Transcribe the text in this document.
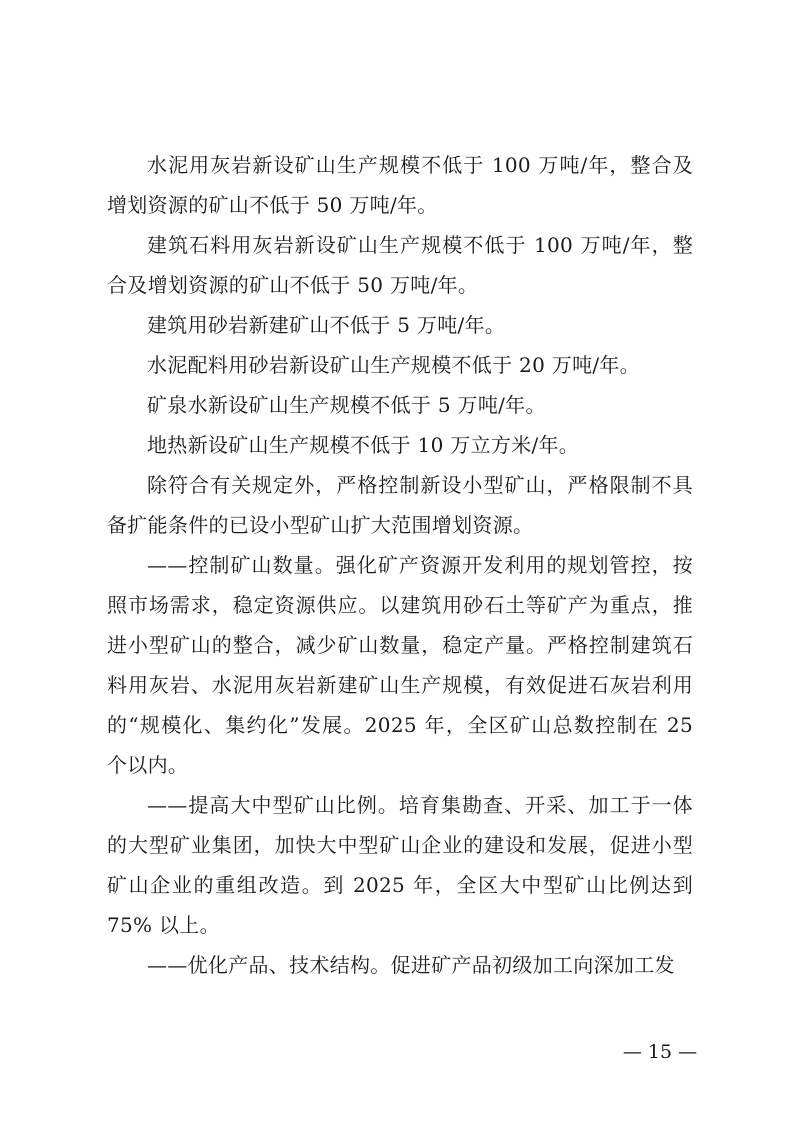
水泥用灰岩新设矿山生产规模不低于 100 万吨/年，整合及增划资源的矿山不低于 50 万吨/年。

建筑石料用灰岩新设矿山生产规模不低于 100 万吨/年，整合及增划资源的矿山不低于 50 万吨/年。

建筑用砂岩新建矿山不低于 5 万吨/年。

水泥配料用砂岩新设矿山生产规模不低于 20 万吨/年。

矿泉水新设矿山生产规模不低于 5 万吨/年。

地热新设矿山生产规模不低于 10 万立方米/年。

除符合有关规定外，严格控制新设小型矿山，严格限制不具备扩能条件的已设小型矿山扩大范围增划资源。

——控制矿山数量。强化矿产资源开发利用的规划管控，按照市场需求，稳定资源供应。以建筑用砂石土等矿产为重点，推进小型矿山的整合，减少矿山数量，稳定产量。严格控制建筑石料用灰岩、水泥用灰岩新建矿山生产规模，有效促进石灰岩利用的“规模化、集约化”发展。2025 年，全区矿山总数控制在 25 个以内。

——提高大中型矿山比例。培育集勘查、开采、加工于一体的大型矿业集团，加快大中型矿山企业的建设和发展，促进小型矿山企业的重组改造。到 2025 年，全区大中型矿山比例达到 75% 以上。

——优化产品、技术结构。促进矿产品初级加工向深加工发

— 15 —
